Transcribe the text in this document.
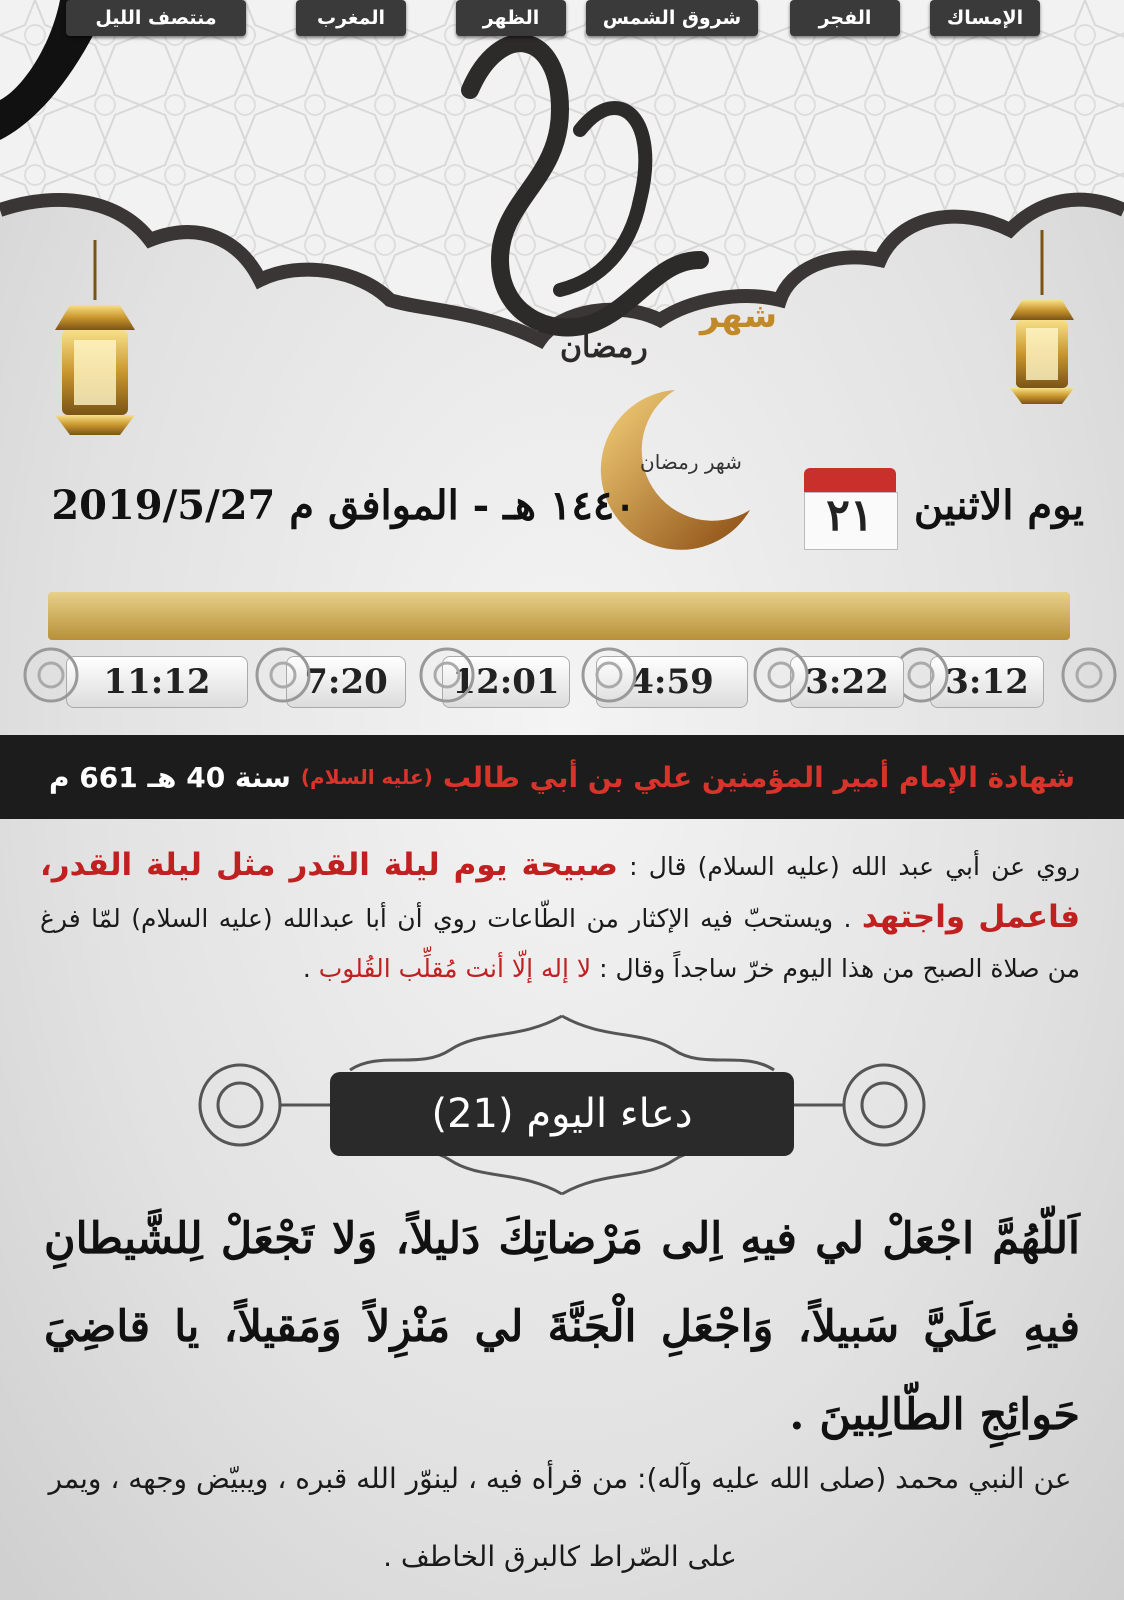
شهر
رمضان
شهر رمضان
يوم الاثنين
٢١
١٤٤٠ هـ - الموافق
2019/5/27 م
الإمساك
الفجر
شروق الشمس
الظهر
المغرب
منتصف الليل
3:12
3:22
4:59
12:01
7:20
11:12
شهادة الإمام أمير المؤمنين علي بن أبي طالب
(عليه السلام)
سنة 40 هـ 661 م
روي عن أبي عبد الله (عليه السلام) قال : صبيحة يوم ليلة القدر مثل ليلة القدر، فاعمل واجتهد . ويستحبّ فيه الإكثار من الطّاعات روي أن أبا عبدالله (عليه السلام) لمّا فرغ من صلاة الصبح من هذا اليوم خرّ ساجداً وقال : لا إله إلّا أنت مُقلِّب القُلوب .
دعاء اليوم (21)
اَللّهُمَّ اجْعَلْ لي فيهِ اِلى مَرْضاتِكَ دَليلاً، وَلا تَجْعَلْ لِلشَّيطانِ فيهِ عَلَيَّ سَبيلاً، وَاجْعَلِ الْجَنَّةَ لي مَنْزِلاً وَمَقيلاً، يا قاضِيَ حَوائِجِ الطّالِبينَ .
عن النبي محمد (صلى الله عليه وآله): من قرأه فيه ، لينوّر الله قبره ، ويبيّض وجهه ، ويمر على الصّراط كالبرق الخاطف .
